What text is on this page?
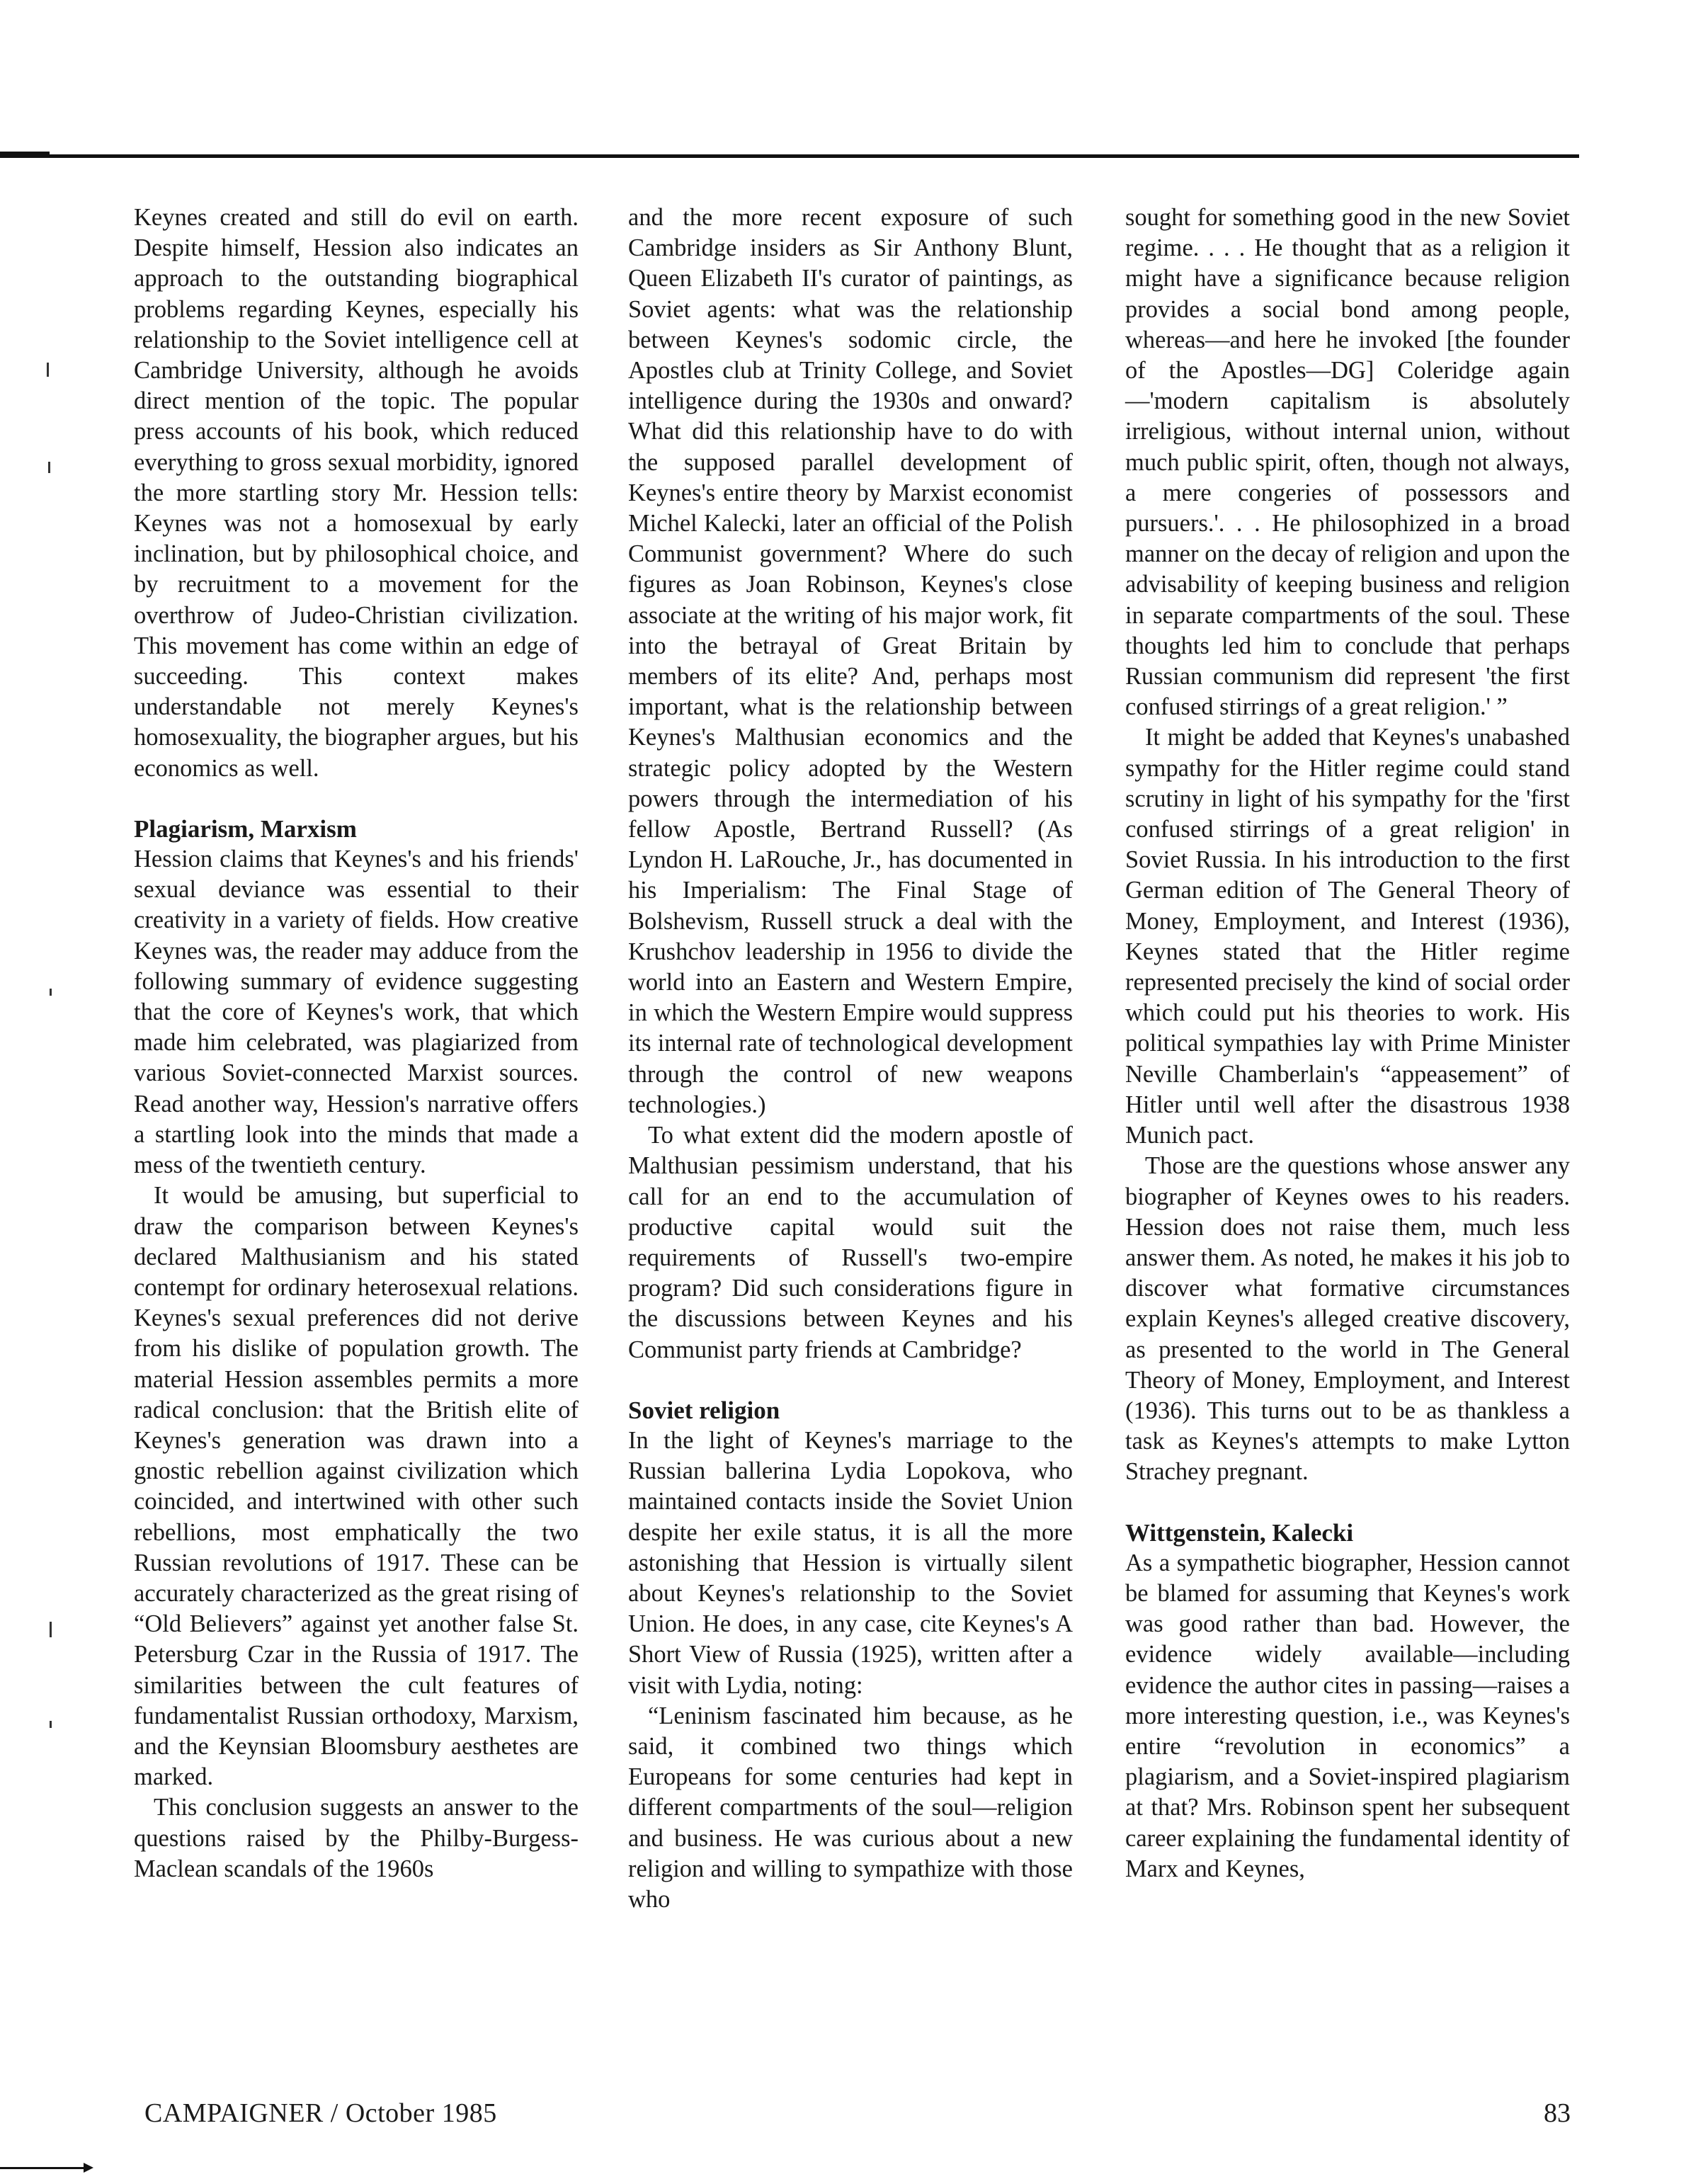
Keynes created and still do evil on earth. Despite himself, Hession also indicates an approach to the outstanding biographical problems regarding Keynes, especially his relationship to the Soviet intelligence cell at Cambridge University, although he avoids direct mention of the topic. The popular press accounts of his book, which reduced everything to gross sexual morbidity, ignored the more startling story Mr. Hession tells: Keynes was not a homosexual by early inclination, but by philosophical choice, and by recruitment to a movement for the overthrow of Judeo-Christian civilization. This movement has come within an edge of succeeding. This context makes understandable not merely Keynes's homosexuality, the biographer argues, but his economics as well.

Plagiarism, Marxism

Hession claims that Keynes's and his friends' sexual deviance was essential to their creativity in a variety of fields. How creative Keynes was, the reader may adduce from the following summary of evidence suggesting that the core of Keynes's work, that which made him celebrated, was plagiarized from various Soviet-connected Marxist sources. Read another way, Hession's narrative offers a startling look into the minds that made a mess of the twentieth century.

It would be amusing, but superficial to draw the comparison between Keynes's declared Malthusianism and his stated contempt for ordinary heterosexual relations. Keynes's sexual preferences did not derive from his dislike of population growth. The material Hession assembles permits a more radical conclusion: that the British elite of Keynes's generation was drawn into a gnostic rebellion against civilization which coincided, and intertwined with other such rebellions, most emphatically the two Russian revolutions of 1917. These can be accurately characterized as the great rising of “Old Believers” against yet another false St. Petersburg Czar in the Russia of 1917. The similarities between the cult features of fundamentalist Russian orthodoxy, Marxism, and the Keynsian Bloomsbury aesthetes are marked.

This conclusion suggests an answer to the questions raised by the Philby-Burgess-Maclean scandals of the 1960s

and the more recent exposure of such Cambridge insiders as Sir Anthony Blunt, Queen Elizabeth II's curator of paintings, as Soviet agents: what was the relationship between Keynes's sodomic circle, the Apostles club at Trinity College, and Soviet intelligence during the 1930s and onward? What did this relationship have to do with the supposed parallel development of Keynes's entire theory by Marxist economist Michel Kalecki, later an official of the Polish Communist government? Where do such figures as Joan Robinson, Keynes's close associate at the writing of his major work, fit into the betrayal of Great Britain by members of its elite? And, perhaps most important, what is the relationship between Keynes's Malthusian economics and the strategic policy adopted by the Western powers through the intermediation of his fellow Apostle, Bertrand Russell? (As Lyndon H. LaRouche, Jr., has documented in his Imperialism: The Final Stage of Bolshevism, Russell struck a deal with the Krushchov leadership in 1956 to divide the world into an Eastern and Western Empire, in which the Western Empire would suppress its internal rate of technological development through the control of new weapons technologies.)

To what extent did the modern apostle of Malthusian pessimism understand, that his call for an end to the accumulation of productive capital would suit the requirements of Russell's two-empire program? Did such considerations figure in the discussions between Keynes and his Communist party friends at Cambridge?

Soviet religion

In the light of Keynes's marriage to the Russian ballerina Lydia Lopokova, who maintained contacts inside the Soviet Union despite her exile status, it is all the more astonishing that Hession is virtually silent about Keynes's relationship to the Soviet Union. He does, in any case, cite Keynes's A Short View of Russia (1925), written after a visit with Lydia, noting:

“Leninism fascinated him because, as he said, it combined two things which Europeans for some centuries had kept in different compartments of the soul—religion and business. He was curious about a new religion and willing to sympathize with those who

sought for something good in the new Soviet regime. . . . He thought that as a religion it might have a significance because religion provides a social bond among people, whereas—and here he invoked [the founder of the Apostles—DG] Coleridge again—'modern capitalism is absolutely irreligious, without internal union, without much public spirit, often, though not always, a mere congeries of possessors and pursuers.'. . . He philosophized in a broad manner on the decay of religion and upon the advisability of keeping business and religion in separate compartments of the soul. These thoughts led him to conclude that perhaps Russian communism did represent 'the first confused stirrings of a great religion.' ”

It might be added that Keynes's unabashed sympathy for the Hitler regime could stand scrutiny in light of his sympathy for the 'first confused stirrings of a great religion' in Soviet Russia. In his introduction to the first German edition of The General Theory of Money, Employment, and Interest (1936), Keynes stated that the Hitler regime represented precisely the kind of social order which could put his theories to work. His political sympathies lay with Prime Minister Neville Chamberlain's “appeasement” of Hitler until well after the disastrous 1938 Munich pact.

Those are the questions whose answer any biographer of Keynes owes to his readers. Hession does not raise them, much less answer them. As noted, he makes it his job to discover what formative circumstances explain Keynes's alleged creative discovery, as presented to the world in The General Theory of Money, Employment, and Interest (1936). This turns out to be as thankless a task as Keynes's attempts to make Lytton Strachey pregnant.

Wittgenstein, Kalecki

As a sympathetic biographer, Hession cannot be blamed for assuming that Keynes's work was good rather than bad. However, the evidence widely available—including evidence the author cites in passing—raises a more interesting question, i.e., was Keynes's entire “revolution in economics” a plagiarism, and a Soviet-inspired plagiarism at that? Mrs. Robinson spent her subsequent career explaining the fundamental identity of Marx and Keynes,

CAMPAIGNER / October 1985	83
